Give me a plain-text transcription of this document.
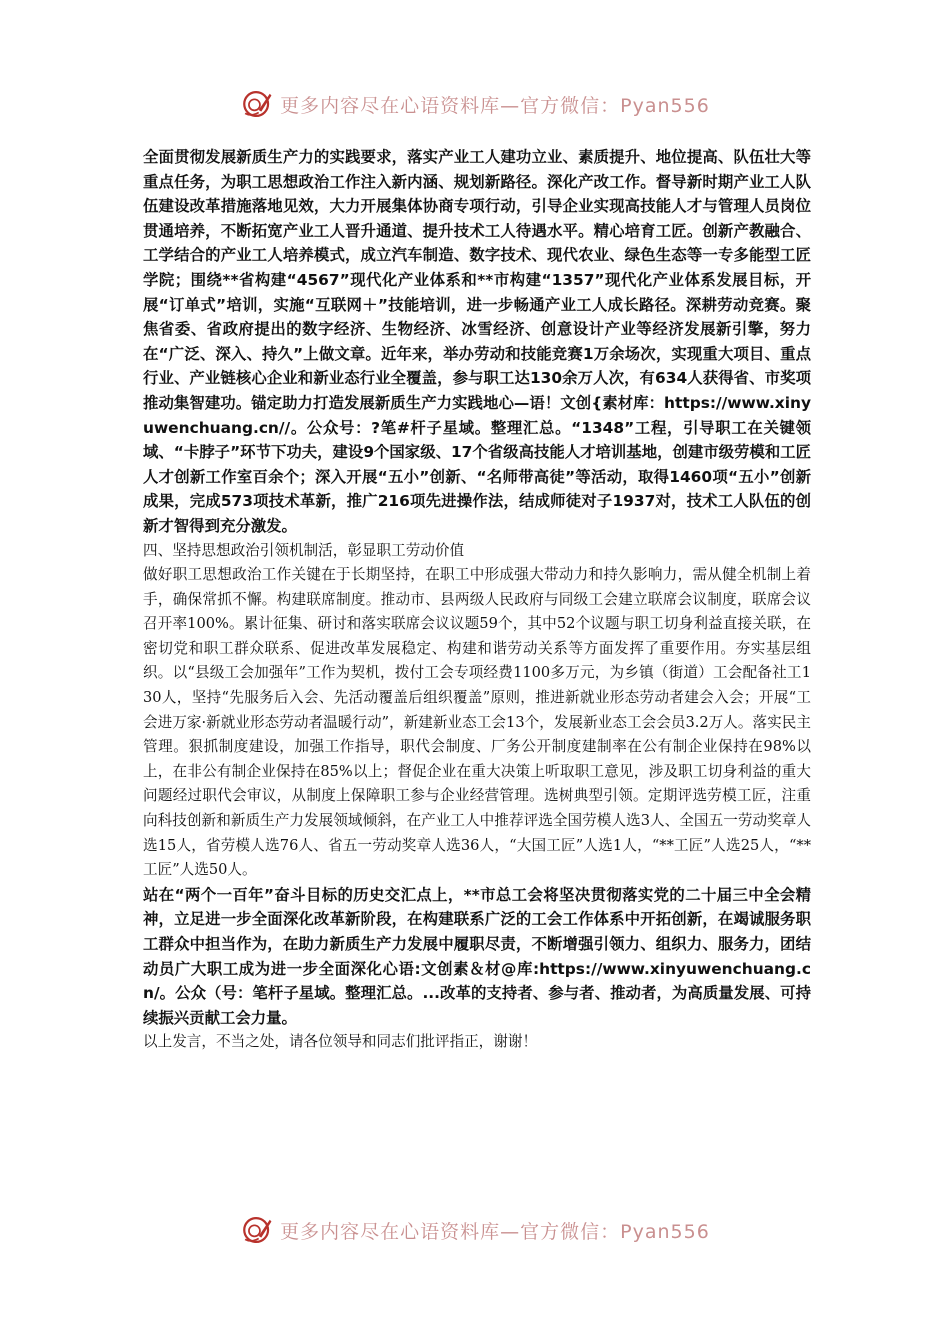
更多内容尽在心语资料库—官方微信：Pyan556

全面贯彻发展新质生产力的实践要求，落实产业工人建功立业、素质提升、地位提高、队伍壮大等重点任务，为职工思想政治工作注入新内涵、规划新路径。深化产改工作。督导新时期产业工人队伍建设改革措施落地见效，大力开展集体协商专项行动，引导企业实现高技能人才与管理人员岗位贯通培养，不断拓宽产业工人晋升通道、提升技术工人待遇水平。精心培育工匠。创新产教融合、工学结合的产业工人培养模式，成立汽车制造、数字技术、现代农业、绿色生态等一专多能型工匠学院；围绕**省构建“4567”现代化产业体系和**市构建“1357”现代化产业体系发展目标，开展“订单式”培训，实施“互联网＋”技能培训，进一步畅通产业工人成长路径。深耕劳动竞赛。聚焦省委、省政府提出的数字经济、生物经济、冰雪经济、创意设计产业等经济发展新引擎，努力在“广泛、深入、持久”上做文章。近年来，举办劳动和技能竞赛1万余场次，实现重大项目、重点行业、产业链核心企业和新业态行业全覆盖，参与职工达130余万人次，有634人获得省、市奖项推动集智建功。锚定助力打造发展新质生产力实践地心—语！文创{素材库：https://www.xinyuwenchuang.cn//。公众号：?笔#杆子星域。整理汇总。“1348”工程，引导职工在关键领域、“卡脖子”环节下功夫，建设9个国家级、17个省级高技能人才培训基地，创建市级劳模和工匠人才创新工作室百余个；深入开展“五小”创新、“名师带高徒”等活动，取得1460项“五小”创新成果，完成573项技术革新，推广216项先进操作法，结成师徒对子1937对，技术工人队伍的创新才智得到充分激发。

四、坚持思想政治引领机制活，彰显职工劳动价值

做好职工思想政治工作关键在于长期坚持，在职工中形成强大带动力和持久影响力，需从健全机制上着手，确保常抓不懈。构建联席制度。推动市、县两级人民政府与同级工会建立联席会议制度，联席会议召开率100%。累计征集、研讨和落实联席会议议题59个，其中52个议题与职工切身利益直接关联，在密切党和职工群众联系、促进改革发展稳定、构建和谐劳动关系等方面发挥了重要作用。夯实基层组织。以“县级工会加强年”工作为契机，拨付工会专项经费1100多万元，为乡镇（街道）工会配备社工130人，坚持“先服务后入会、先活动覆盖后组织覆盖”原则，推进新就业形态劳动者建会入会；开展“工会进万家·新就业形态劳动者温暖行动”，新建新业态工会13个，发展新业态工会会员3.2万人。落实民主管理。狠抓制度建设，加强工作指导，职代会制度、厂务公开制度建制率在公有制企业保持在98%以上，在非公有制企业保持在85%以上；督促企业在重大决策上听取职工意见，涉及职工切身利益的重大问题经过职代会审议，从制度上保障职工参与企业经营管理。选树典型引领。定期评选劳模工匠，注重向科技创新和新质生产力发展领域倾斜，在产业工人中推荐评选全国劳模人选3人、全国五一劳动奖章人选15人，省劳模人选76人、省五一劳动奖章人选36人，“大国工匠”人选1人，“**工匠”人选25人，“**工匠”人选50人。

站在“两个一百年”奋斗目标的历史交汇点上，**市总工会将坚决贯彻落实党的二十届三中全会精神，立足进一步全面深化改革新阶段，在构建联系广泛的工会工作体系中开拓创新，在竭诚服务职工群众中担当作为，在助力新质生产力发展中履职尽责，不断增强引领力、组织力、服务力，团结动员广大职工成为进一步全面深化心语:文创素＆材@库:https://www.xinyuwenchuang.cn/。公众（号：笔杆子星域。整理汇总。...改革的支持者、参与者、推动者，为高质量发展、可持续振兴贡献工会力量。

以上发言，不当之处，请各位领导和同志们批评指正，谢谢！

更多内容尽在心语资料库—官方微信：Pyan556
